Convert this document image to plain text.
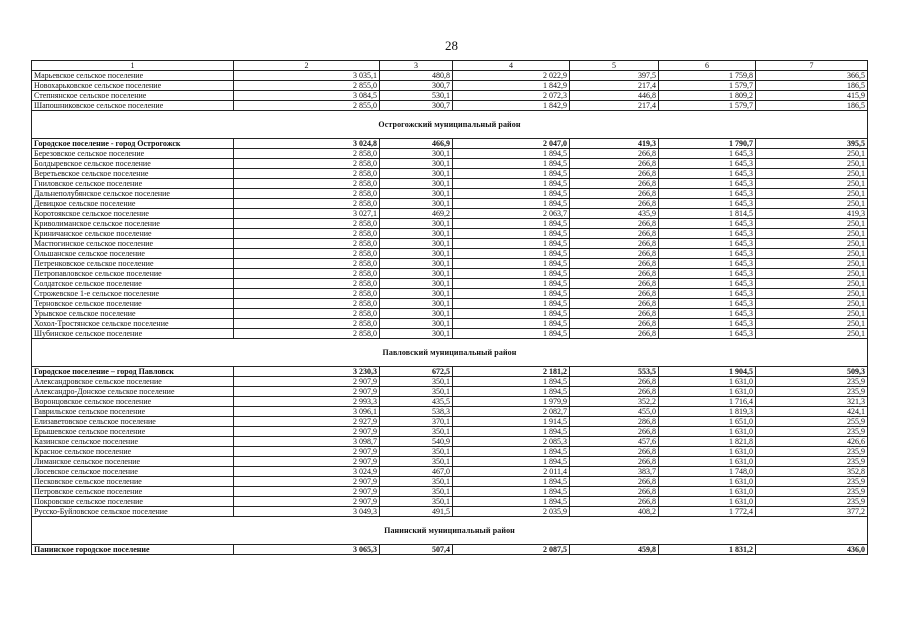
28
1	2	3	4	5	6	7
Марьевское сельское поселение	3 035,1	480,8	2 022,9	397,5	1 759,8	366,5
Новохарьковское сельское поселение	2 855,0	300,7	1 842,9	217,4	1 579,7	186,5
Степнянское сельское поселение	3 084,5	530,1	2 072,3	446,8	1 809,2	415,9
Шапошниковское сельское поселение	2 855,0	300,7	1 842,9	217,4	1 579,7	186,5
Острогожский муниципальный район						
Городское поселение - город Острогожск	3 024,8	466,9	2 047,0	419,3	1 790,7	395,5
Березовское сельское поселение	2 858,0	300,1	1 894,5	266,8	1 645,3	250,1
Болдыревское сельское поселение	2 858,0	300,1	1 894,5	266,8	1 645,3	250,1
Веретьевское сельское поселение	2 858,0	300,1	1 894,5	266,8	1 645,3	250,1
Гниловское сельское поселение	2 858,0	300,1	1 894,5	266,8	1 645,3	250,1
Дальнеполубянское сельское поселение	2 858,0	300,1	1 894,5	266,8	1 645,3	250,1
Девицкое сельское поселение	2 858,0	300,1	1 894,5	266,8	1 645,3	250,1
Коротоякское сельское поселение	3 027,1	469,2	2 063,7	435,9	1 814,5	419,3
Криволиманское сельское поселение	2 858,0	300,1	1 894,5	266,8	1 645,3	250,1
Криничанское сельское поселение	2 858,0	300,1	1 894,5	266,8	1 645,3	250,1
Мастюгинское сельское поселение	2 858,0	300,1	1 894,5	266,8	1 645,3	250,1
Ольшанское сельское поселение	2 858,0	300,1	1 894,5	266,8	1 645,3	250,1
Петренковское сельское поселение	2 858,0	300,1	1 894,5	266,8	1 645,3	250,1
Петропавловское сельское поселение	2 858,0	300,1	1 894,5	266,8	1 645,3	250,1
Солдатское сельское поселение	2 858,0	300,1	1 894,5	266,8	1 645,3	250,1
Строжевское 1-е сельское поселение	2 858,0	300,1	1 894,5	266,8	1 645,3	250,1
Терновское сельское поселение	2 858,0	300,1	1 894,5	266,8	1 645,3	250,1
Урывское сельское поселение	2 858,0	300,1	1 894,5	266,8	1 645,3	250,1
Хохол-Тростянское сельское поселение	2 858,0	300,1	1 894,5	266,8	1 645,3	250,1
Шубинское сельское поселение	2 858,0	300,1	1 894,5	266,8	1 645,3	250,1
Павловский муниципальный район						
Городское поселение – город Павловск	3 230,3	672,5	2 181,2	553,5	1 904,5	509,3
Александровское сельское поселение	2 907,9	350,1	1 894,5	266,8	1 631,0	235,9
Александро-Донское сельское поселение	2 907,9	350,1	1 894,5	266,8	1 631,0	235,9
Воронцовское сельское поселение	2 993,3	435,5	1 979,9	352,2	1 716,4	321,3
Гаврильское сельское поселение	3 096,1	538,3	2 082,7	455,0	1 819,3	424,1
Елизаветовское сельское поселение	2 927,9	370,1	1 914,5	286,8	1 651,0	255,9
Ерышевское сельское поселение	2 907,9	350,1	1 894,5	266,8	1 631,0	235,9
Казинское сельское поселение	3 098,7	540,9	2 085,3	457,6	1 821,8	426,6
Красное сельское поселение	2 907,9	350,1	1 894,5	266,8	1 631,0	235,9
Лиманское сельское поселение	2 907,9	350,1	1 894,5	266,8	1 631,0	235,9
Лосевское сельское поселение	3 024,9	467,0	2 011,4	383,7	1 748,0	352,8
Песковское сельское поселение	2 907,9	350,1	1 894,5	266,8	1 631,0	235,9
Петровское сельское поселение	2 907,9	350,1	1 894,5	266,8	1 631,0	235,9
Покровское сельское поселение	2 907,9	350,1	1 894,5	266,8	1 631,0	235,9
Русско-Буйловское сельское поселение	3 049,3	491,5	2 035,9	408,2	1 772,4	377,2
Панинский муниципальный район						
Панинское городское поселение	3 065,3	507,4	2 087,5	459,8	1 831,2	436,0
